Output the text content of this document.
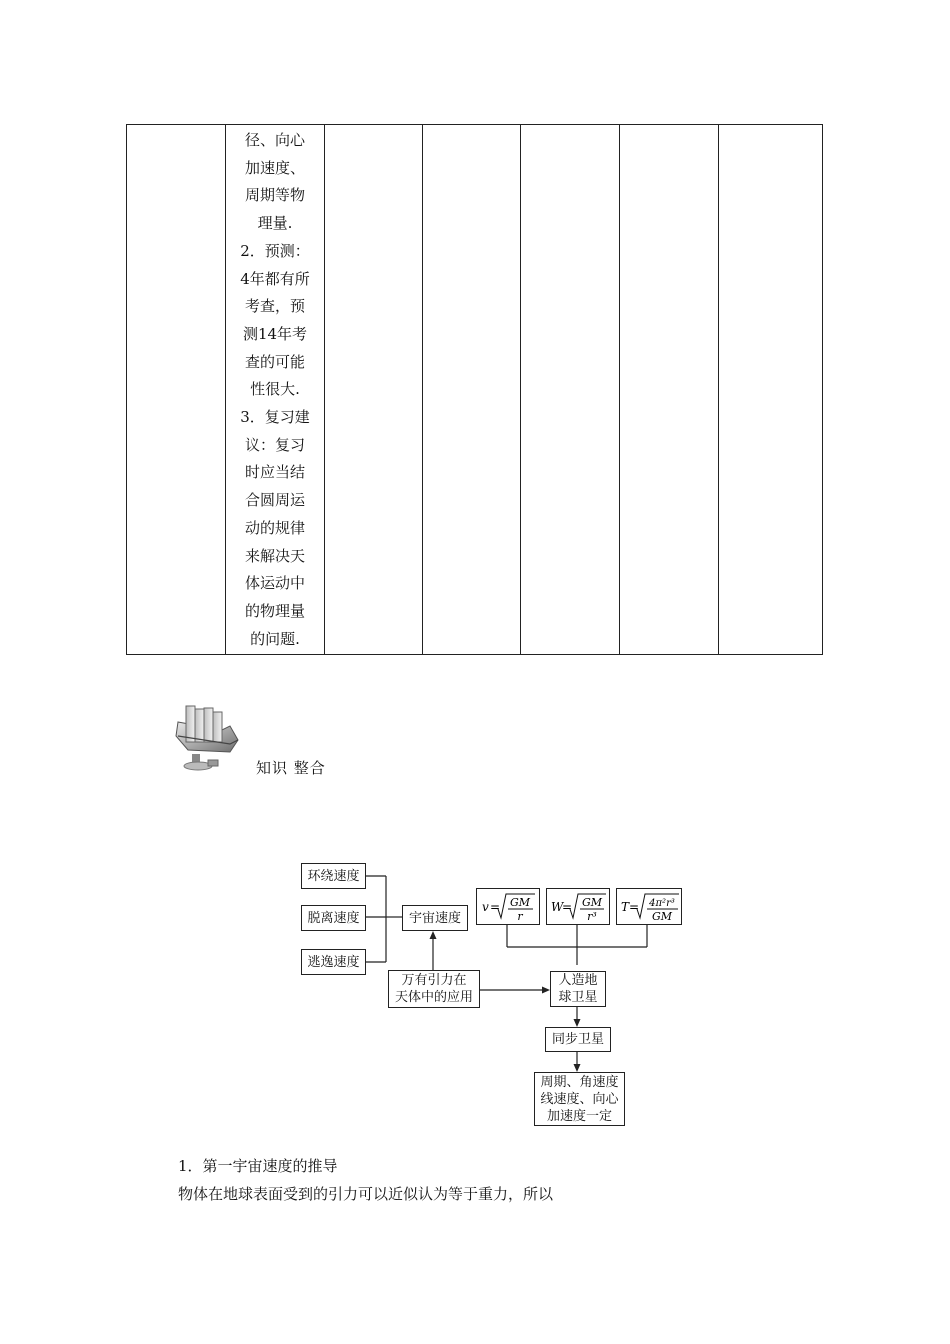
径、向心
加速度、
周期等物
理量.
2．预测：
4年都有所
考查，预
测14年考
查的可能
性很大.
3．复习建
议：复习
时应当结
合圆周运
动的规律
来解决天
体运动中
的物理量
的问题.

知识 整合
环绕速度
脱离速度
逃逸速度
宇宙速度
万有引力在
天体中的应用
人造地
球卫星
同步卫星
周期、角速度
线速度、向心
加速度一定
v = GM
r
W
= GM
r³
T = 4π²r³
GM
1．第一宇宙速度的推导
物体在地球表面受到的引力可以近似认为等于重力，所以
